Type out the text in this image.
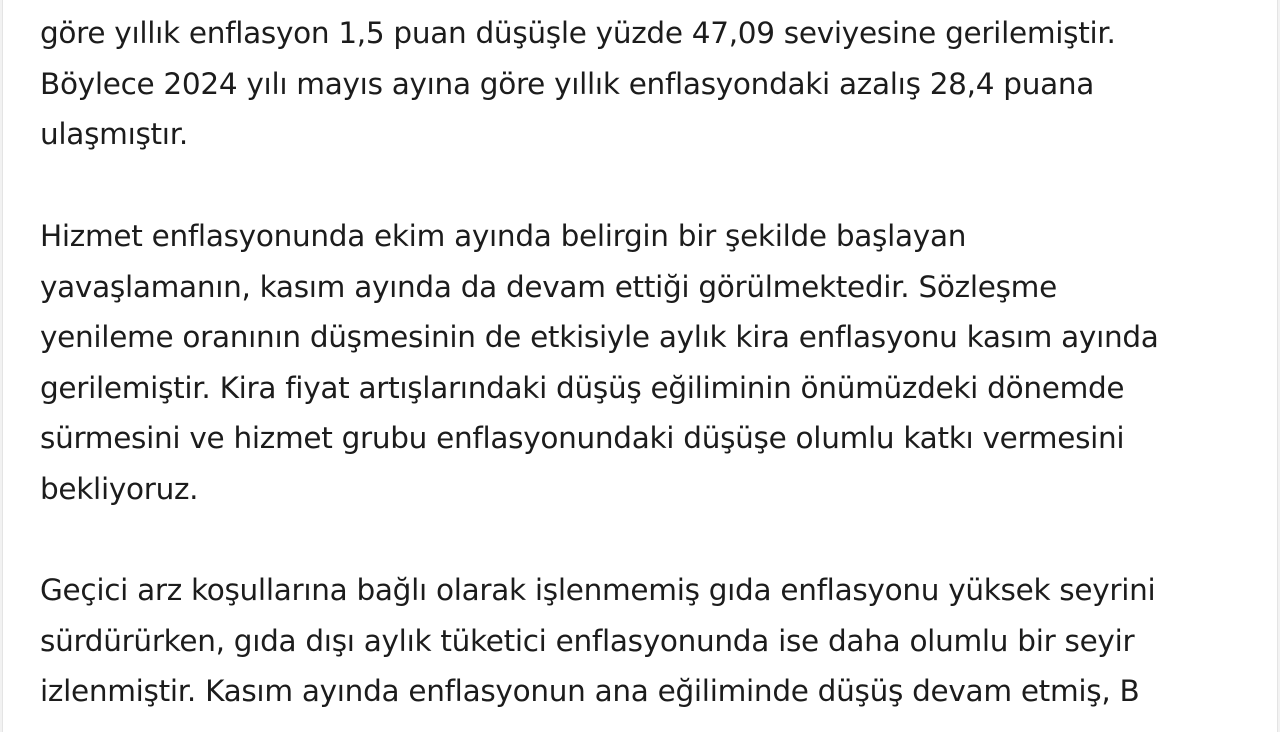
göre yıllık enflasyon 1,5 puan düşüşle yüzde 47,09 seviyesine gerilemiştir.
Böylece 2024 yılı mayıs ayına göre yıllık enflasyondaki azalış 28,4 puana
ulaşmıştır.
Hizmet enflasyonunda ekim ayında belirgin bir şekilde başlayan
yavaşlamanın, kasım ayında da devam ettiği görülmektedir. Sözleşme
yenileme oranının düşmesinin de etkisiyle aylık kira enflasyonu kasım ayında
gerilemiştir. Kira fiyat artışlarındaki düşüş eğiliminin önümüzdeki dönemde
sürmesini ve hizmet grubu enflasyonundaki düşüşe olumlu katkı vermesini
bekliyoruz.
Geçici arz koşullarına bağlı olarak işlenmemiş gıda enflasyonu yüksek seyrini
sürdürürken, gıda dışı aylık tüketici enflasyonunda ise daha olumlu bir seyir
izlenmiştir. Kasım ayında enflasyonun ana eğiliminde düşüş devam etmiş, B
